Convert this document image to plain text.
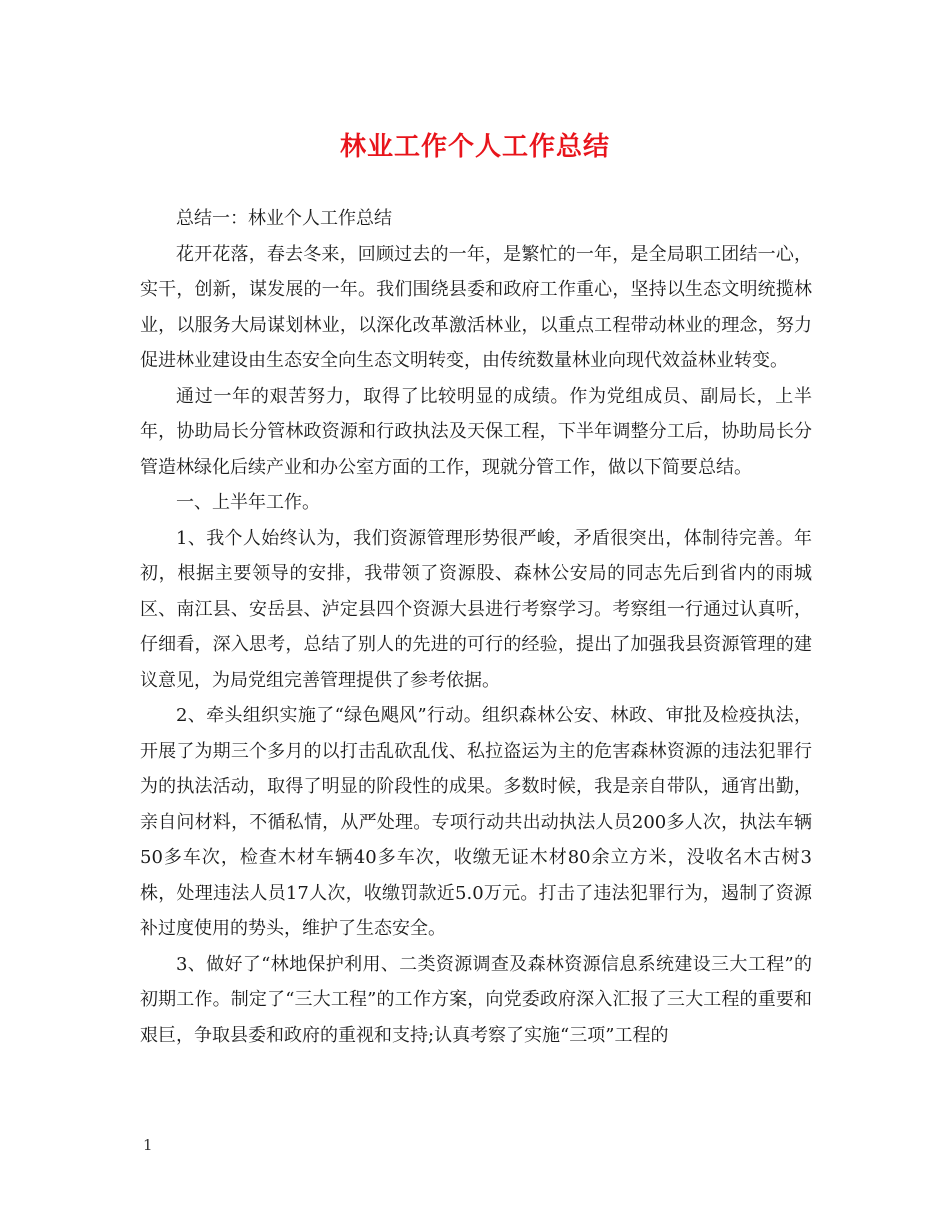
林业工作个人工作总结

总结一：林业个人工作总结

花开花落，春去冬来，回顾过去的一年，是繁忙的一年，是全局职工团结一心，实干，创新，谋发展的一年。我们围绕县委和政府工作重心，坚持以生态文明统揽林业，以服务大局谋划林业，以深化改革激活林业，以重点工程带动林业的理念，努力促进林业建设由生态安全向生态文明转变，由传统数量林业向现代效益林业转变。

通过一年的艰苦努力，取得了比较明显的成绩。作为党组成员、副局长，上半年，协助局长分管林政资源和行政执法及天保工程，下半年调整分工后，协助局长分管造林绿化后续产业和办公室方面的工作，现就分管工作，做以下简要总结。

一、上半年工作。

1、我个人始终认为，我们资源管理形势很严峻，矛盾很突出，体制待完善。年初，根据主要领导的安排，我带领了资源股、森林公安局的同志先后到省内的雨城区、南江县、安岳县、泸定县四个资源大县进行考察学习。考察组一行通过认真听，仔细看，深入思考，总结了别人的先进的可行的经验，提出了加强我县资源管理的建议意见，为局党组完善管理提供了参考依据。

2、牵头组织实施了“绿色飓风”行动。组织森林公安、林政、审批及检疫执法，开展了为期三个多月的以打击乱砍乱伐、私拉盗运为主的危害森林资源的违法犯罪行为的执法活动，取得了明显的阶段性的成果。多数时候，我是亲自带队，通宵出勤，亲自问材料，不循私情，从严处理。专项行动共出动执法人员200多人次，执法车辆50多车次，检查木材车辆40多车次，收缴无证木材80余立方米，没收名木古树3株，处理违法人员17人次，收缴罚款近5.0万元。打击了违法犯罪行为，遏制了资源补过度使用的势头，维护了生态安全。

3、做好了“林地保护利用、二类资源调查及森林资源信息系统建设三大工程”的初期工作。制定了“三大工程”的工作方案，向党委政府深入汇报了三大工程的重要和艰巨，争取县委和政府的重视和支持;认真考察了实施“三项”工程的

1
